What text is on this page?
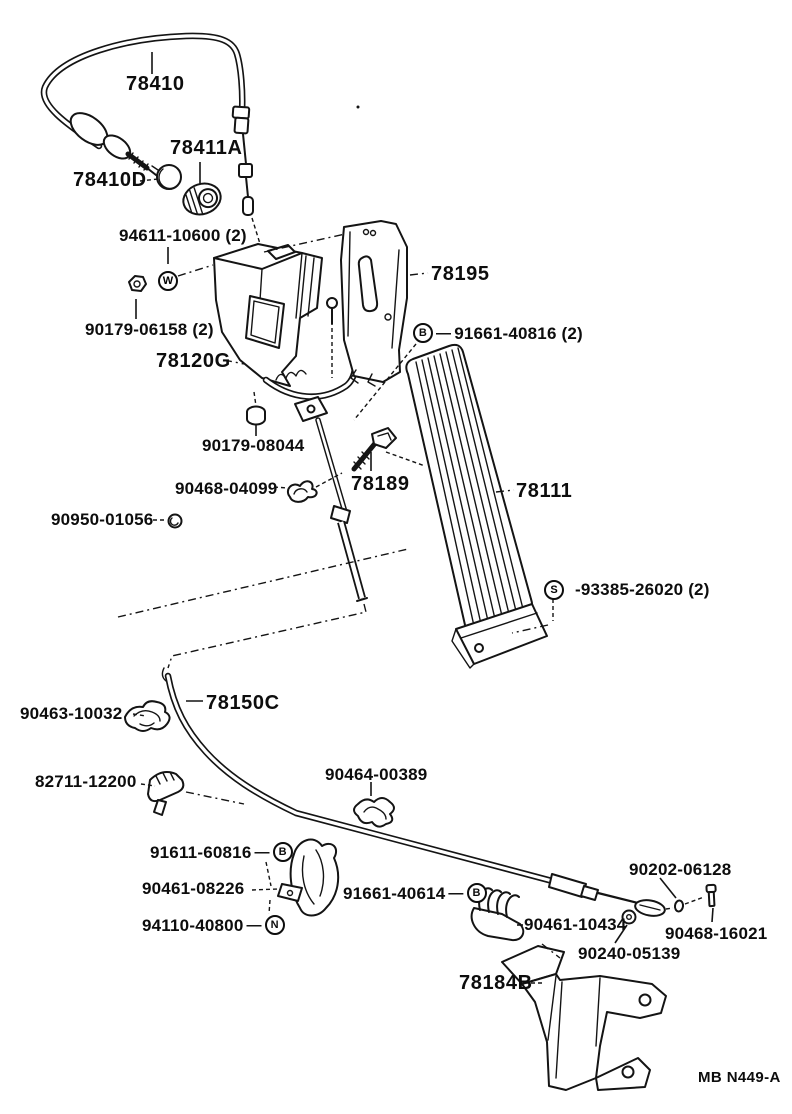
78410
78411A
78410D
94611-10600 (2)
78195
B — 91661-40816 (2)
90179-06158 (2)
W
78120G
90179-08044
78189
90468-04099
90950-01056
78111
S	-93385-26020 (2)
78150C
90463-10032
82711-12200	90464-00389
91611-60816 — B
90461-08226
94110-40800 — N
91661-40614 — B
90202-06128
90461-10434 90468-16021
90240-05139
78184B
MB N449-A
